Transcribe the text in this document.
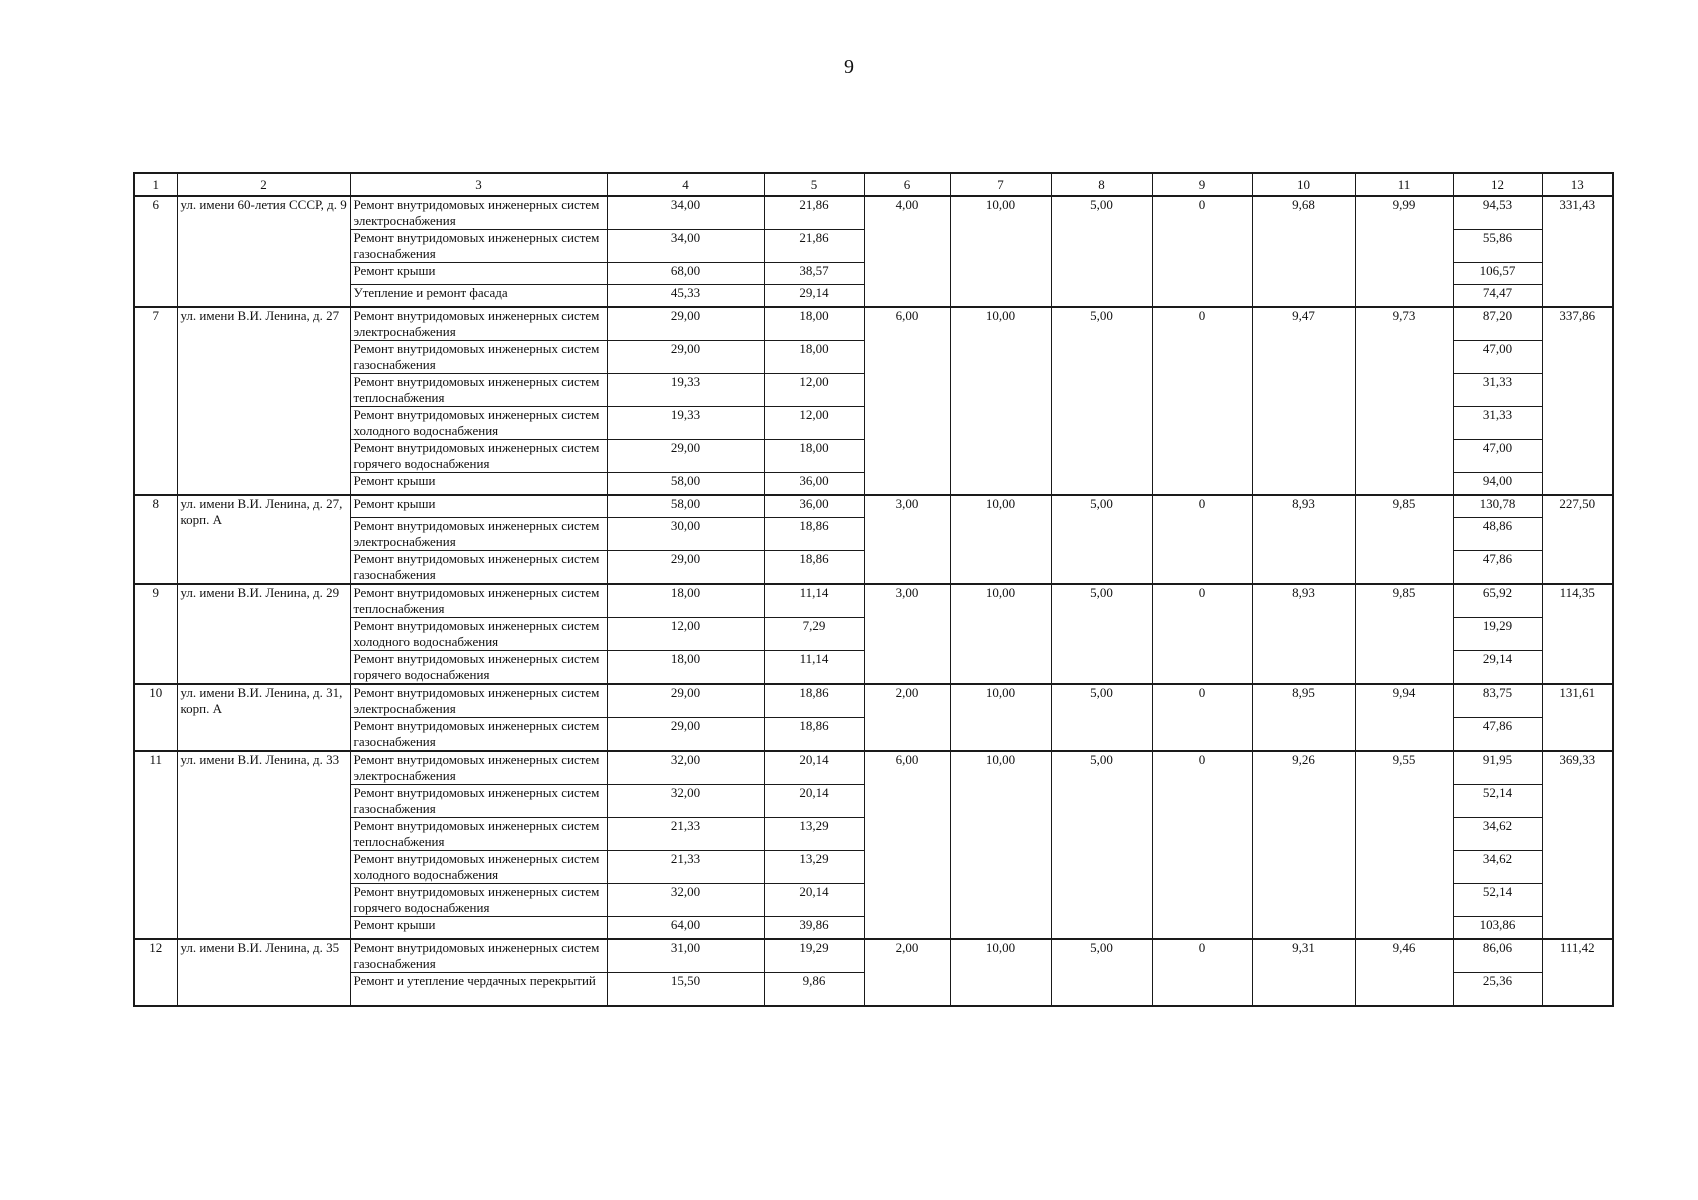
9
1	2	3	4	5	6	7	8	9	10	11	12	13
6	ул. имени 60-летия СССР, д. 9	Ремонт внутридомовых инженерных систем электроснабжения	34,00	21,86	4,00	10,00	5,00	0	9,68	9,99	94,53	331,43
		Ремонт внутридомовых инженерных систем газоснабжения	34,00	21,86							55,86	
		Ремонт крыши	68,00	38,57							106,57	
		Утепление и ремонт фасада	45,33	29,14							74,47	
7	ул. имени В.И. Ленина, д. 27	Ремонт внутридомовых инженерных систем электроснабжения	29,00	18,00	6,00	10,00	5,00	0	9,47	9,73	87,20	337,86
		Ремонт внутридомовых инженерных систем газоснабжения	29,00	18,00							47,00	
		Ремонт внутридомовых инженерных систем теплоснабжения	19,33	12,00							31,33	
		Ремонт внутридомовых инженерных систем холодного водоснабжения	19,33	12,00							31,33	
		Ремонт внутридомовых инженерных систем горячего водоснабжения	29,00	18,00							47,00	
		Ремонт крыши	58,00	36,00							94,00	
8	ул. имени В.И. Ленина, д. 27, корп. А	Ремонт крыши	58,00	36,00	3,00	10,00	5,00	0	8,93	9,85	130,78	227,50
		Ремонт внутридомовых инженерных систем электроснабжения	30,00	18,86							48,86	
		Ремонт внутридомовых инженерных систем газоснабжения	29,00	18,86							47,86	
9	ул. имени В.И. Ленина, д. 29	Ремонт внутридомовых инженерных систем теплоснабжения	18,00	11,14	3,00	10,00	5,00	0	8,93	9,85	65,92	114,35
		Ремонт внутридомовых инженерных систем холодного водоснабжения	12,00	7,29							19,29	
		Ремонт внутридомовых инженерных систем горячего водоснабжения	18,00	11,14							29,14	
10	ул. имени В.И. Ленина, д. 31, корп. А	Ремонт внутридомовых инженерных систем электроснабжения	29,00	18,86	2,00	10,00	5,00	0	8,95	9,94	83,75	131,61
		Ремонт внутридомовых инженерных систем газоснабжения	29,00	18,86							47,86	
11	ул. имени В.И. Ленина, д. 33	Ремонт внутридомовых инженерных систем электроснабжения	32,00	20,14	6,00	10,00	5,00	0	9,26	9,55	91,95	369,33
		Ремонт внутридомовых инженерных систем газоснабжения	32,00	20,14							52,14	
		Ремонт внутридомовых инженерных систем теплоснабжения	21,33	13,29							34,62	
		Ремонт внутридомовых инженерных систем холодного водоснабжения	21,33	13,29							34,62	
		Ремонт внутридомовых инженерных систем горячего водоснабжения	32,00	20,14							52,14	
		Ремонт крыши	64,00	39,86							103,86	
12	ул. имени В.И. Ленина, д. 35	Ремонт внутридомовых инженерных систем газоснабжения	31,00	19,29	2,00	10,00	5,00	0	9,31	9,46	86,06	111,42
		Ремонт и утепление чердачных перекрытий	15,50	9,86							25,36	
